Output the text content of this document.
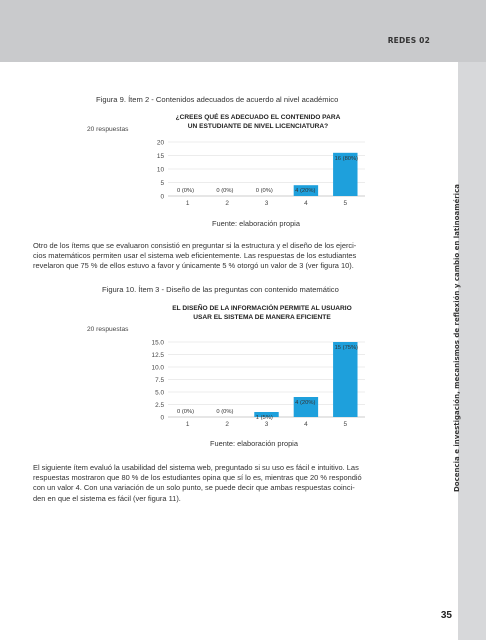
REDES 02
Docencia e investigación, mecanismos de reflexión y cambio en latinoamérica
Figura 9. Ítem 2 - Contenidos adecuados de acuerdo al nivel académico
¿CREES QUÉ ES ADECUADO EL CONTENIDO PARA
UN ESTUDIANTE DE NIVEL LICENCIATURA?
20 respuestas
0
5
10
15
20
0 (0%)
1
0 (0%)
2
0 (0%)
3
4 (20%)
4
16 (80%)
5
Fuente: elaboración propia
Otro de los ítems que se evaluaron consistió en preguntar si la estructura y el diseño de los ejerci-
cios matemáticos permiten usar el sistema web eficientemente. Las respuestas de los estudiantes
revelaron que 75 % de ellos estuvo a favor y únicamente 5 % otorgó un valor de 3 (ver figura 10).
Figura 10. Ítem 3 - Diseño de las preguntas con contenido matemático
EL DISEÑO DE LA INFORMACIÓN PERMITE AL USUARIO
USAR EL SISTEMA DE MANERA EFICIENTE
20 respuestas
0
2.5
5.0
7.5
10.0
12.5
15.0
0 (0%)
1
0 (0%)
2
1 (5%)
3
4 (20%)
4
15 (75%)
5
Fuente: elaboración propia
El siguiente ítem evaluó la usabilidad del sistema web, preguntado si su uso es fácil e intuitivo. Las
respuestas mostraron que 80 % de los estudiantes opina que sí lo es, mientras que 20 % respondió
con un valor 4. Con una variación de un solo punto, se puede decir que ambas respuestas coinci-
den en que el sistema es fácil (ver figura 11).
35
